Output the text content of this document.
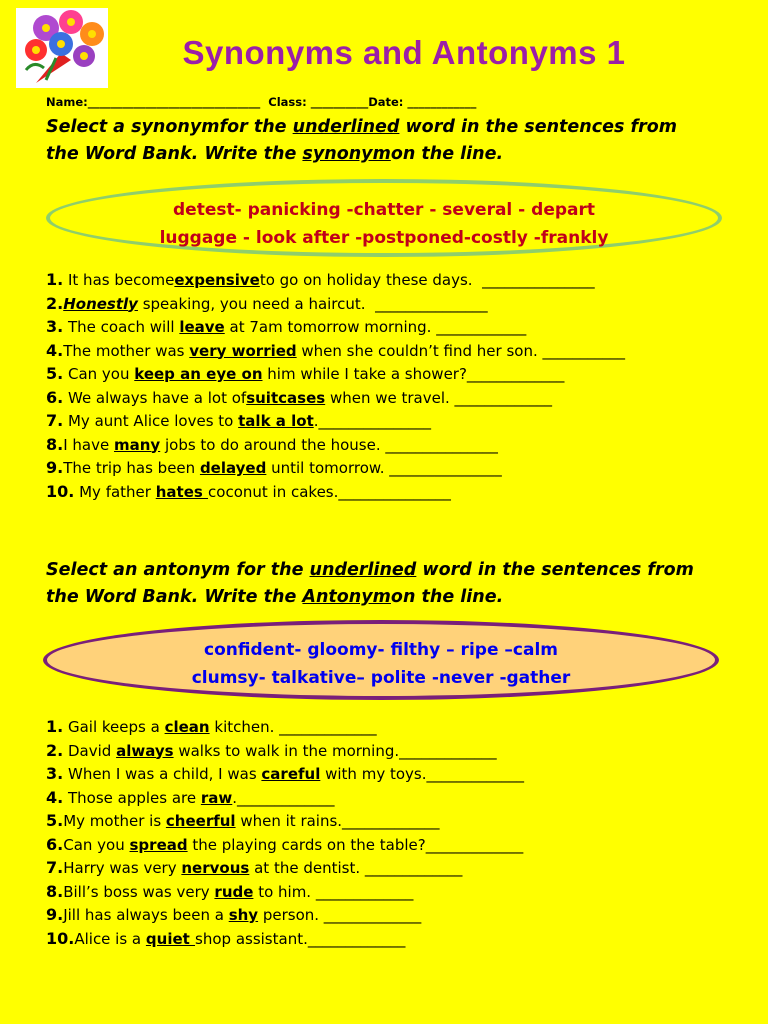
Synonyms and Antonyms 1
Name:______________________________  Class: __________Date: ____________
Select a synonymfor the underlined word in the sentences from
the Word Bank. Write the synonymon the line.
detest- panicking -chatter - several - depart
luggage - look after -postponed-costly -frankly
1. It has becomeexpensiveto go on holiday these days.  _______________
2.Honestly speaking, you need a haircut.  _______________
3. The coach will leave at 7am tomorrow morning. ____________
4.The mother was very worried when she couldn’t find her son. ___________
5. Can you keep an eye on him while I take a shower?_____________
6. We always have a lot ofsuitcases when we travel. _____________
7. My aunt Alice loves to talk a lot._______________
8.I have many jobs to do around the house. _______________
9.The trip has been delayed until tomorrow. _______________
10. My father hates coconut in cakes._______________
Select an antonym for the underlined word in the sentences from
the Word Bank. Write the Antonymon the line.
confident- gloomy- filthy – ripe –calm
clumsy- talkative– polite -never -gather
1. Gail keeps a clean kitchen. _____________
2. David always walks to walk in the morning._____________
3. When I was a child, I was careful with my toys._____________
4. Those apples are raw._____________
5.My mother is cheerful when it rains._____________
6.Can you spread the playing cards on the table?_____________
7.Harry was very nervous at the dentist. _____________
8.Bill’s boss was very rude to him. _____________
9.Jill has always been a shy person. _____________
10.Alice is a quiet shop assistant._____________
